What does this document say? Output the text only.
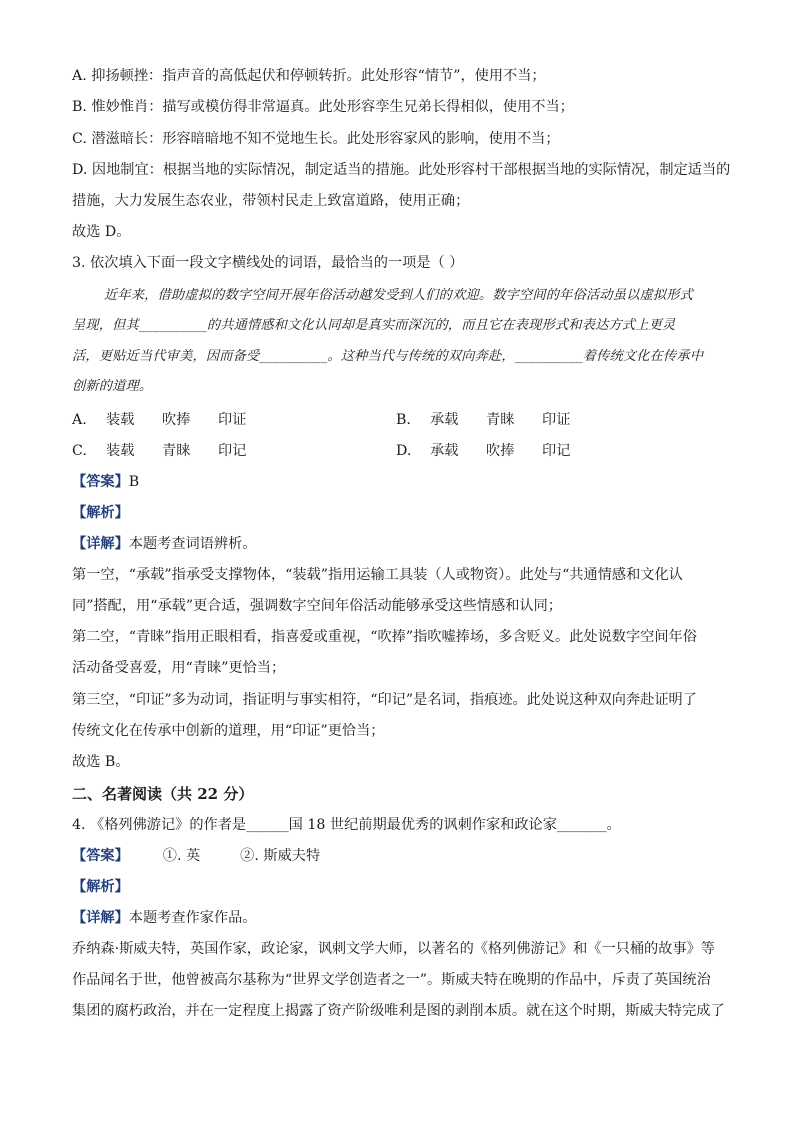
A. 抑扬顿挫：指声音的高低起伏和停顿转折。此处形容“情节”，使用不当；
B. 惟妙惟肖：描写或模仿得非常逼真。此处形容孪生兄弟长得相似，使用不当；
C. 潜滋暗长：形容暗暗地不知不觉地生长。此处形容家风的影响，使用不当；
D. 因地制宜：根据当地的实际情况，制定适当的措施。此处形容村干部根据当地的实际情况，制定适当的
措施，大力发展生态农业，带领村民走上致富道路，使用正确；
故选 D。
3. 依次填入下面一段文字横线处的词语，最恰当的一项是（ ）
近年来，借助虚拟的数字空间开展年俗活动越发受到人们的欢迎。数字空间的年俗活动虽以虚拟形式
呈现，但其__________的共通情感和文化认同却是真实而深沉的，而且它在表现形式和表达方式上更灵
活，更贴近当代审美，因而备受__________。这种当代与传统的双向奔赴，__________着传统文化在传承中
创新的道理。
A. 装载 吹捧 印证	B. 承载 青睐 印证
C. 装载 青睐 印记	D. 承载 吹捧 印记
【答案】B
【解析】
【详解】本题考查词语辨析。
第一空，“承载”指承受支撑物体，“装载”指用运输工具装（人或物资）。此处与“共通情感和文化认
同”搭配，用“承载”更合适，强调数字空间年俗活动能够承受这些情感和认同；
第二空，“青睐”指用正眼相看，指喜爱或重视，“吹捧”指吹嘘捧场，多含贬义。此处说数字空间年俗
活动备受喜爱，用“青睐”更恰当；
第三空，“印证”多为动词，指证明与事实相符，“印记”是名词，指痕迹。此处说这种双向奔赴证明了
传统文化在传承中创新的道理，用“印证”更恰当；
故选 B。
二、名著阅读（共 22 分）
4. 《格列佛游记》的作者是______国 18 世纪前期最优秀的讽刺作家和政论家_______。
【答案】 ①. 英	②. 斯威夫特
【解析】
【详解】本题考查作家作品。
乔纳森·斯威夫特，英国作家，政论家，讽刺文学大师，以著名的《格列佛游记》和《一只桶的故事》等
作品闻名于世，他曾被高尔基称为“世界文学创造者之一”。斯威夫特在晚期的作品中，斥责了英国统治
集团的腐朽政治，并在一定程度上揭露了资产阶级唯利是图的剥削本质。就在这个时期，斯威夫特完成了
